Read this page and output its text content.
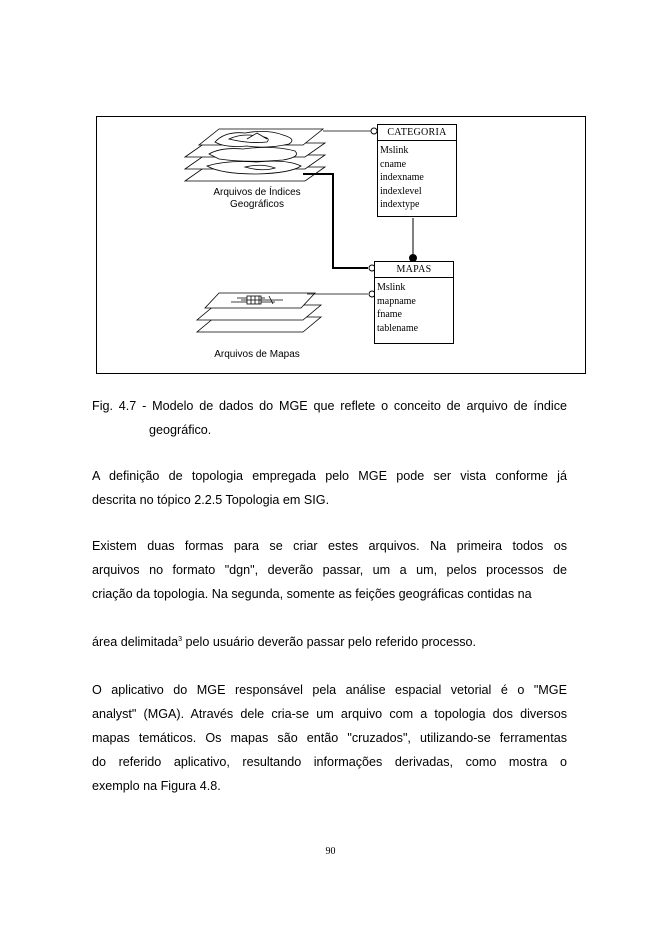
Arquivos de Índices
Geográficos
Arquivos de Mapas
CATEGORIA
Mslink
cname
indexname
indexlevel
indextype
MAPAS
Mslink
mapname
fname
tablename
Fig. 4.7 - Modelo de dados do MGE que reflete o conceito de arquivo de índice
geográfico.
A definição de topologia empregada pelo MGE pode ser vista conforme já
descrita no tópico 2.2.5 Topologia em SIG.
Existem duas formas para se criar estes arquivos. Na primeira todos os
arquivos no formato "dgn", deverão passar, um a um, pelos processos de
criação da topologia. Na segunda, somente as feições geográficas contidas na
área delimitada$^3$ pelo usuário deverão passar pelo referido processo.
O aplicativo do MGE responsável pela análise espacial vetorial é o "MGE
analyst" (MGA). Através dele cria-se um arquivo com a topologia dos diversos
mapas temáticos. Os mapas são então "cruzados", utilizando-se ferramentas
do referido aplicativo, resultando informações derivadas, como mostra o
exemplo na Figura 4.8.
90
